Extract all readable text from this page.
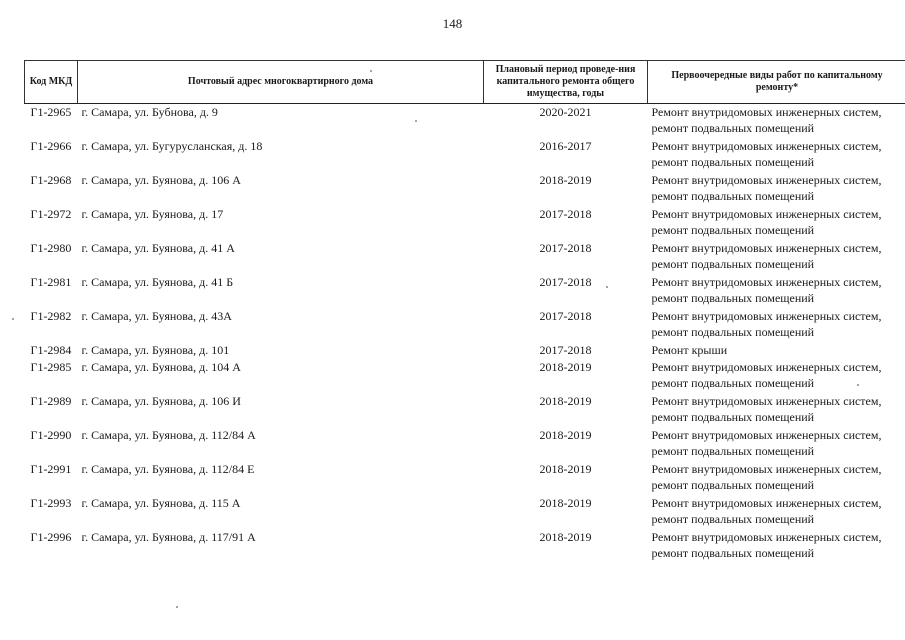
148
Код МКД	Почтовый адрес многоквартирного дома	Плановый период проведе-ния капитального ремонта общего имущества, годы	Первоочередные виды работ по капитальному ремонту*
Г1-2965	г. Самара, ул. Бубнова, д. 9	2020-2021	Ремонт внутридомовых инженерных систем,
ремонт подвальных помещений

Г1-2966	г. Самара, ул. Бугурусланская, д. 18	2016-2017	Ремонт внутридомовых инженерных систем,
ремонт подвальных помещений

Г1-2968	г. Самара, ул. Буянова, д. 106 А	2018-2019	Ремонт внутридомовых инженерных систем,
ремонт подвальных помещений

Г1-2972	г. Самара, ул. Буянова, д. 17	2017-2018	Ремонт внутридомовых инженерных систем,
ремонт подвальных помещений

Г1-2980	г. Самара, ул. Буянова, д. 41 А	2017-2018	Ремонт внутридомовых инженерных систем,
ремонт подвальных помещений

Г1-2981	г. Самара, ул. Буянова, д. 41 Б	2017-2018	Ремонт внутридомовых инженерных систем,
ремонт подвальных помещений

Г1-2982	г. Самара, ул. Буянова, д. 43А	2017-2018	Ремонт внутридомовых инженерных систем,
ремонт подвальных помещений

Г1-2984	г. Самара, ул. Буянова, д. 101	2017-2018	Ремонт крыши

Г1-2985	г. Самара, ул. Буянова, д. 104 А	2018-2019	Ремонт внутридомовых инженерных систем,
ремонт подвальных помещений

Г1-2989	г. Самара, ул. Буянова, д. 106 И	2018-2019	Ремонт внутридомовых инженерных систем,
ремонт подвальных помещений

Г1-2990	г. Самара, ул. Буянова, д. 112/84 А	2018-2019	Ремонт внутридомовых инженерных систем,
ремонт подвальных помещений

Г1-2991	г. Самара, ул. Буянова, д. 112/84 Е	2018-2019	Ремонт внутридомовых инженерных систем,
ремонт подвальных помещений

Г1-2993	г. Самара, ул. Буянова, д. 115 А	2018-2019	Ремонт внутридомовых инженерных систем,
ремонт подвальных помещений

Г1-2996	г. Самара, ул. Буянова, д. 117/91 А	2018-2019	Ремонт внутридомовых инженерных систем,
ремонт подвальных помещений
